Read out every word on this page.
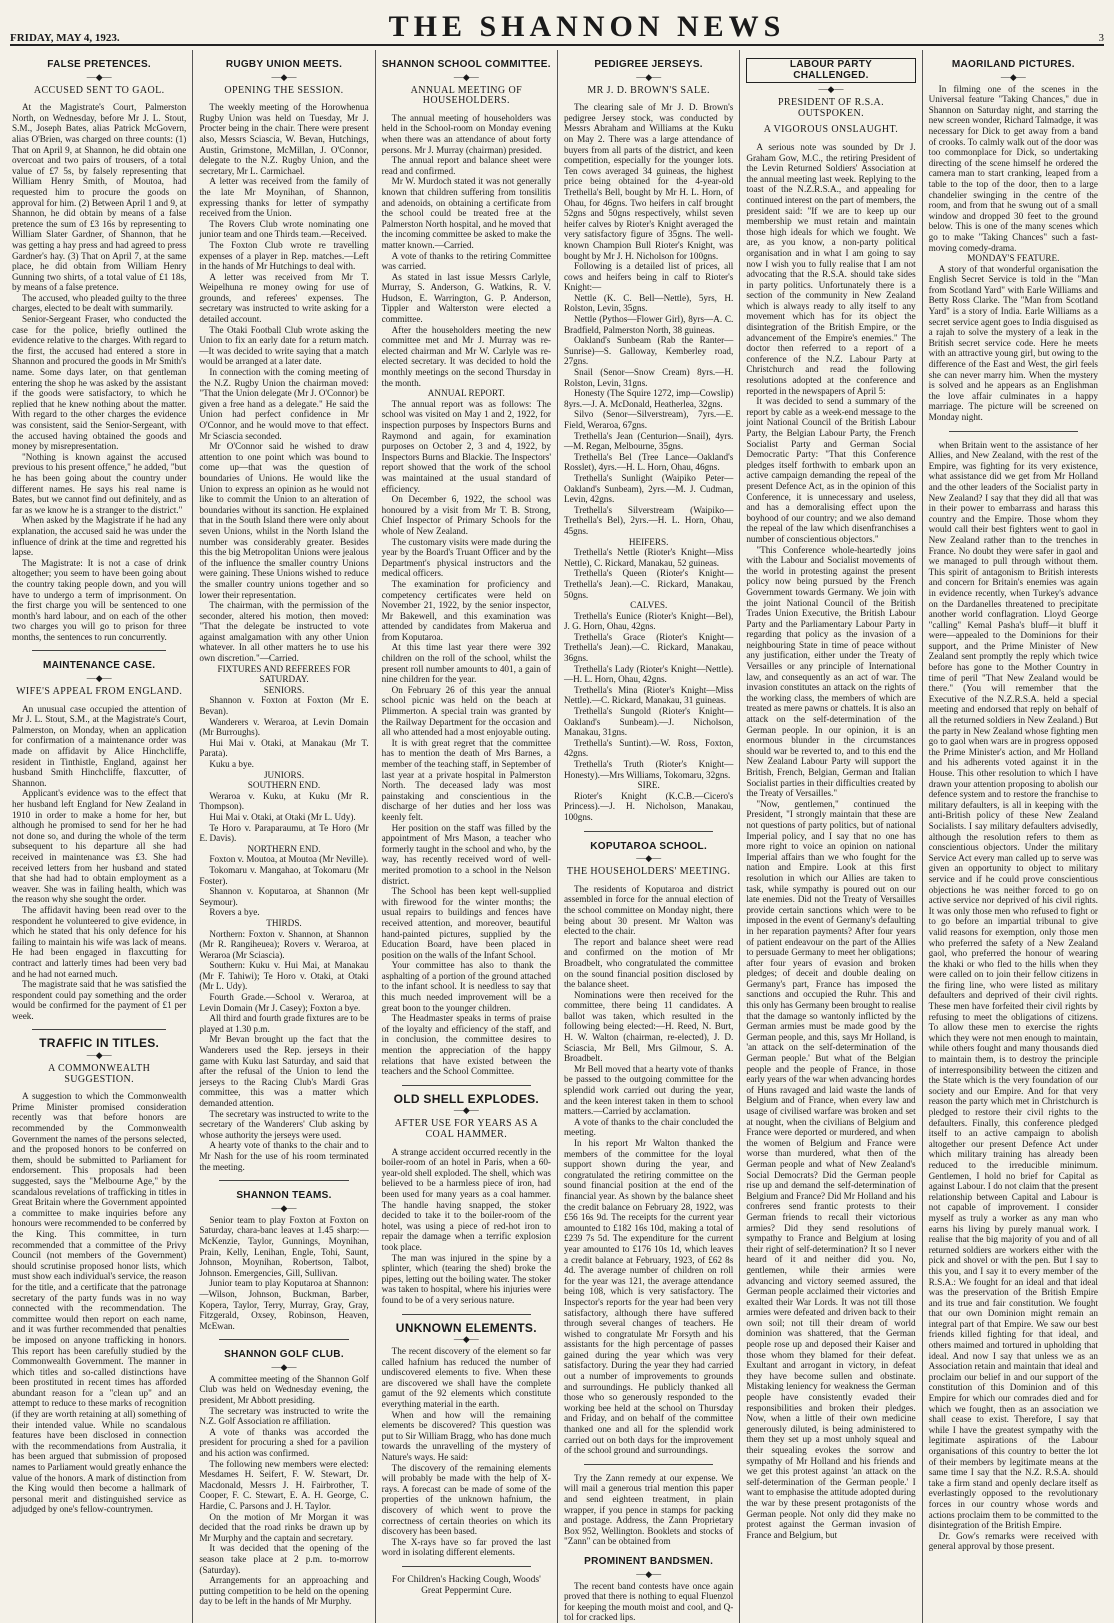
FRIDAY, MAY 4, 1923.	THE SHANNON NEWS	3
FALSE PRETENCES.
—◆—
ACCUSED SENT TO GAOL.

At the Magistrate's Court, Palmerston North, on Wednesday, before Mr J. L. Stout, S.M., Joseph Bates, alias Patrick McGovern, alias O'Brien, was charged on three counts: (1) That on April 9, at Shannon, he did obtain one overcoat and two pairs of trousers, of a total value of £7 5s, by falsely representing that William Henry Smith, of Moutoa, had requested him to procure the goods on approval for him. (2) Between April 1 and 9, at Shannon, he did obtain by means of a false pretence the sum of £3 16s by representing to William Slater Gardner, of Shannon, that he was getting a hay press and had agreed to press Gardner's hay. (3) That on April 7, at the same place, he did obtain from William Henry Gunning two shirts, of a total value of £1 18s, by means of a false pretence.

The accused, who pleaded guilty to the three charges, elected to be dealt with summarily.

Senior-Sergeant Fraser, who conducted the case for the police, briefly outlined the evidence relative to the charges. With regard to the first, the accused had entered a store in Shannon and procured the goods in Mr Smith's name. Some days later, on that gentleman entering the shop he was asked by the assistant if the goods were satisfactory, to which he replied that he knew nothing about the matter. With regard to the other charges the evidence was consistent, said the Senior-Sergeant, with the accused having obtained the goods and money by misrepresentation.

"Nothing is known against the accused previous to his present offence," he added, "but he has been going about the country under different names. He says his real name is Bates, but we cannot find out definitely, and as far as we know he is a stranger to the district."

When asked by the Magistrate if he had any explanation, the accused said he was under the influence of drink at the time and regretted his lapse.

The Magistrate: It is not a case of drink altogether; you seem to have been going about the country taking people down, and you will have to undergo a term of imprisonment. On the first charge you will be sentenced to one month's hard labour, and on each of the other two charges you will go to prison for three months, the sentences to run concurrently.

MAINTENANCE CASE.
—◆—
WIFE'S APPEAL FROM ENGLAND.

An unusual case occupied the attention of Mr J. L. Stout, S.M., at the Magistrate's Court, Palmerston, on Monday, when an application for confirmation of a maintenance order was made on affidavit by Alice Hinchcliffe, resident in Tinthistle, England, against her husband Smith Hinchcliffe, flaxcutter, of Shannon.

Applicant's evidence was to the effect that her husband left England for New Zealand in 1910 in order to make a home for her, but although he promised to send for her he had not done so, and during the whole of the term subsequent to his departure all she had received in maintenance was £3. She had received letters from her husband and stated that she had had to obtain employment as a weaver. She was in failing health, which was the reason why she sought the order.

The affidavit having been read over to the respondent he volunteered to give evidence, in which he stated that his only defence for his failing to maintain his wife was lack of means. He had been engaged in flaxcutting for contract and latterly times had been very bad and he had not earned much.

The magistrate said that he was satisfied the respondent could pay something and the order would be confirmed for the payment of £1 per week.

TRAFFIC IN TITLES.
—◆—
A COMMONWEALTH SUGGESTION.

A suggestion to which the Commonwealth Prime Minister promised consideration recently was that before honors are recommended by the Commonwealth Government the names of the persons selected, and the proposed honors to be conferred on them, should be submitted to Parliament for endorsement. This proposals had been suggested, says the "Melbourne Age," by the scandalous revelations of trafficking in titles in Great Britain where the Government appointed a committee to make inquiries before any honours were recommended to be conferred by the King. This committee, in turn recommended that a committee of the Privy Council (not members of the Government) should scrutinise proposed honor lists, which must show each individual's service, the reason for the title, and a certificate that the patronage secretary of the party funds was in no way connected with the recommendation. The committee would then report on each name, and it was further recommended that penalties be imposed on anyone trafficking in honors. This report has been carefully studied by the Commonwealth Government. The manner in which titles and so-called distinctions have been prostituted in recent times has afforded abundant reason for a "clean up" and an attempt to reduce to these marks of recognition (if they are worth retaining at all) something of their intended value. While no scandalous features have been disclosed in connection with the recommendations from Australia, it has been argued that submission of proposed names to Parliament would greatly enhance the value of the honors. A mark of distinction from the King would then become a hallmark of personal merit and distinguished service as adjudged by one's fellow-countrymen.

RUGBY UNION MEETS.
—◆—
OPENING THE SESSION.

The weekly meeting of the Horowhenua Rugby Union was held on Tuesday, Mr J. Procter being in the chair. There were present also, Messrs Sciascia, W. Bevan, Hutchings, Austin, Grimstone, McMillan, J. O'Connor, delegate to the N.Z. Rugby Union, and the secretary, Mr L. Carmichael.

A letter was received from the family of the late Mr Moynihan, of Shannon, expressing thanks for letter of sympathy received from the Union.

The Rovers Club wrote nominating one junior team and one Thirds team.—Received.

The Foxton Club wrote re travelling expenses of a player in Rep. matches.—Left in the hands of Mr Hutchings to deal with.

A letter was received from Mr T. Weipelhuna re money owing for use of grounds, and referees' expenses. The secretary was instructed to write asking for a detailed account.

The Otaki Football Club wrote asking the Union to fix an early date for a return match.—It was decided to write saying that a match would be arranged at a later date.

In connection with the coming meeting of the N.Z. Rugby Union the chairman moved: "That the Union delegate (Mr J. O'Connor) be given a free hand as a delegate." He said the Union had perfect confidence in Mr O'Connor, and he would move to that effect. Mr Sciascia seconded.

Mr O'Connor said he wished to draw attention to one point which was bound to come up—that was the question of boundaries of Unions. He would like the Union to express an opinion as he would not like to commit the Union to an alteration of boundaries without its sanction. He explained that in the South Island there were only about seven Unions, whilst in the North Island the number was considerably greater. Besides this the big Metropolitan Unions were jealous of the influence the smaller country Unions were gaining. These Unions wished to reduce the smaller country unions together and so lower their representation.

The chairman, with the permission of the seconder, altered his motion, then moved: "That the delegate be instructed to vote against amalgamation with any other Union whatever. In all other matters he to use his own discretion."—Carried.

FIXTURES AND REFEREES FOR SATURDAY.
SENIORS.

Shannon v. Foxton at Foxton (Mr E. Bevan).

Wanderers v. Weraroa, at Levin Domain (Mr Burroughs).

Hui Mai v. Otaki, at Manakau (Mr T. Parata).

Kuku a bye.

JUNIORS.
SOUTHERN END.

Weraroa v. Kuku, at Kuku (Mr R. Thompson).

Hui Mai v. Otaki, at Otaki (Mr L. Udy).

Te Horo v. Paraparaumu, at Te Horo (Mr E. Davis).

NORTHERN END.

Foxton v. Moutoa, at Moutoa (Mr Neville).

Tokomaru v. Mangahao, at Tokomaru (Mr Foster).

Shannon v. Koputaroa, at Shannon (Mr Seymour).

Rovers a bye.

THIRDS.

Northern: Foxton v. Shannon, at Shannon (Mr R. Rangiheuea); Rovers v. Weraroa, at Weraroa (Mr Sciascia).

Southern: Kuku v. Hui Mai, at Manakau (Mr F. Tahiwi); Te Horo v. Otaki, at Otaki (Mr L. Udy).

Fourth Grade.—School v. Weraroa, at Levin Domain (Mr J. Casey); Foxton a bye.

All third and fourth grade fixtures are to be played at 1.30 p.m.

Mr Bevan brought up the fact that the Wanderers used the Rep. jerseys in their game with Kuku last Saturday, and said that after the refusal of the Union to lend the jerseys to the Racing Club's Mardi Gras committee, this was a matter which demanded attention.

The secretary was instructed to write to the secretary of the Wanderers' Club asking by whose authority the jerseys were used.

A hearty vote of thanks to the chair and to Mr Nash for the use of his room terminated the meeting.

SHANNON TEAMS.
—◆—

Senior team to play Foxton at Foxton on Saturday, chara-banc leaves at 1.45 sharp:—McKenzie, Taylor, Gunnings, Moynihan, Prain, Kelly, Lenihan, Engle, Tohi, Saunt, Johnson, Moynihan, Robertson, Talbot, Johnson. Emergencies, Gill, Sullivan.

Junior team to play Koputaroa at Shannon:—Wilson, Johnson, Buckman, Barber, Kopera, Taylor, Terry, Murray, Gray, Gray, Fitzgerald, Oxsey, Robinson, Heaven, McEwan.

SHANNON GOLF CLUB.
—◆—

A committee meeting of the Shannon Golf Club was held on Wednesday evening, the president, Mr Abbott presiding.

The secretary was instructed to write the N.Z. Golf Association re affiliation.

A vote of thanks was accorded the president for procuring a shed for a pavilion and his action was confirmed.

The following new members were elected: Mesdames H. Seifert, F. W. Stewart, Dr. Macdonald, Messrs J. H. Fairbrother, T. Cooper, F. C. Stewart, E. A. H. George, C. Hardie, C. Parsons and J. H. Taylor.

On the motion of Mr Morgan it was decided that the road rinks be drawn up by Mr Murphy and the captain and secretary.

It was decided that the opening of the season take place at 2 p.m. to-morrow (Saturday).

Arrangements for an approaching and putting competition to be held on the opening day to be left in the hands of Mr Murphy.

SHANNON SCHOOL COMMITTEE.
—◆—
ANNUAL MEETING OF HOUSEHOLDERS.

The annual meeting of householders was held in the School-room on Monday evening when there was an attendance of about forty persons. Mr J. Murray (chairman) presided.

The annual report and balance sheet were read and confirmed.

Mr W. Murdoch stated it was not generally known that children suffering from tonsilitis and adenoids, on obtaining a certificate from the school could be treated free at the Palmerston North hospital, and he moved that the incoming committee be asked to make the matter known.—Carried.

A vote of thanks to the retiring Committee was carried.

As stated in last issue Messrs Carlyle, Murray, S. Anderson, G. Watkins, R. V. Hudson, E. Warrington, G. P. Anderson, Tippler and Walterston were elected a committee.

After the householders meeting the new committee met and Mr J. Murray was re-elected chairman and Mr W. Carlyle was re-elected secretary. It was decided to hold the monthly meetings on the second Thursday in the month.

ANNUAL REPORT.

The annual report was as follows: The school was visited on May 1 and 2, 1922, for inspection purposes by Inspectors Burns and Raymond and again, for examination purposes on October 2, 3 and 4, 1922, by Inspectors Burns and Blackie. The Inspectors' report showed that the work of the school was maintained at the usual standard of efficiency.

On December 6, 1922, the school was honoured by a visit from Mr T. B. Strong, Chief Inspector of Primary Schools for the whole of New Zealand.

The customary visits were made during the year by the Board's Truant Officer and by the Department's physical instructors and the medical officers.

The examination for proficiency and competency certificates were held on November 21, 1922, by the senior inspector, Mr Bakewell, and this examination was attended by candidates from Makerua and from Koputaroa.

At this time last year there were 392 children on the roll of the school, whilst the present roll number amounts to 401, a gain of nine children for the year.

On February 26 of this year the annual school picnic was held on the beach at Plimmerton. A special train was granted by the Railway Department for the occasion and all who attended had a most enjoyable outing.

It is with great regret that the committee has to mention the death of Mrs Barnes, a member of the teaching staff, in September of last year at a private hospital in Palmerston North. The deceased lady was most painstaking and conscientious in the discharge of her duties and her loss was keenly felt.

Her position on the staff was filled by the appointment of Mrs Mason, a teacher who formerly taught in the school and who, by the way, has recently received word of well-merited promotion to a school in the Nelson district.

The School has been kept well-supplied with firewood for the winter months; the usual repairs to buildings and fences have received attention, and moreover, beautiful hand-painted pictures, supplied by the Education Board, have been placed in position on the walls of the Infant School.

Your committee has also to thank the asphalting of a portion of the ground attached to the infant school. It is needless to say that this much needed improvement will be a great boon to the younger children.

The Headmaster speaks in terms of praise of the loyalty and efficiency of the staff, and in conclusion, the committee desires to mention the appreciation of the happy relations that have existed between the teachers and the School Committee.

OLD SHELL EXPLODES.
—◆—
AFTER USE FOR YEARS AS A COAL HAMMER.

A strange accident occurred recently in the boiler-room of an hotel in Paris, when a 60-year-old shell exploded. The shell, which was believed to be a harmless piece of iron, had been used for many years as a coal hammer. The handle having snapped, the stoker decided to take it to the boiler-room of the hotel, was using a piece of red-hot iron to repair the damage when a terrific explosion took place.

The man was injured in the spine by a splinter, which (tearing the shed) broke the pipes, letting out the boiling water. The stoker was taken to hospital, where his injuries were found to be of a very serious nature.

UNKNOWN ELEMENTS.
—◆—

The recent discovery of the element so far called hafnium has reduced the number of undiscovered elements to five. When these are discovered we shall have the complete gamut of the 92 elements which constitute everything material in the earth.

When and how will the remaining elements be discovered? This question was put to Sir William Bragg, who has done much towards the unravelling of the mystery of Nature's ways. He said:

The discovery of the remaining elements will probably be made with the help of X-rays. A forecast can be made of some of the properties of the unknown hafnium, the discovery of which went to prove the correctness of certain theories on which its discovery has been based.

The X-rays have so far proved the last word in isolating different elements.

For Children's Hacking Cough, Woods' Great Peppermint Cure.
PEDIGREE JERSEYS.
—◆—
MR J. D. BROWN'S SALE.

The clearing sale of Mr J. D. Brown's pedigree Jersey stock, was conducted by Messrs Abraham and Williams at the Kuku on May 2. There was a large attendance of buyers from all parts of the district, and keen competition, especially for the younger lots. Ten cows averaged 34 guineas, the highest price being obtained for the 4-year-old Trethella's Bell, bought by Mr H. L. Horn, of Ohau, for 46gns. Two heifers in calf brought 52gns and 50gns respectively, whilst seven heifer calves by Rioter's Knight averaged the very satisfactory figure of 35gns. The well-known Champion Bull Rioter's Knight, was bought by Mr J. H. Nicholson for 100gns.

Following is a detailed list of prices, all cows and heifers being in calf to Rioter's Knight:—

Nettle (K. C. Bell—Nettle), 5yrs, H. Rolston, Levin, 35gns.

Nettle (Pythos—Flower Girl), 8yrs—A. C. Bradfield, Palmerston North, 38 guineas.

Oakland's Sunbeam (Rab the Ranter—Sunrise)—S. Galloway, Kemberley road, 27gns.

Snail (Senor—Snow Cream) 8yrs.—H. Rolston, Levin, 31gns.

Honesty (The Squire 1272, imp—Cowslip) 8yrs.—J. A. McDonald, Heatherlea, 32gns.

Silvo (Senor—Silverstream), 7yrs.—E. Field, Weraroa, 67gns.

Trethella's Jean (Centurion—Snail), 4yrs.—M. Regan, Melbourne, 35gns.

Trethella's Bel (Tree Lance—Oakland's Rosslet), 4yrs.—H. L. Horn, Ohau, 46gns.

Trethella's Sunlight (Waipiko Peter—Oakland's Sunbeam), 2yrs.—M. J. Cudman, Levin, 42gns.

Trethella's Silverstream (Waipiko—Trethella's Bel), 2yrs.—H. L. Horn, Ohau, 45gns.

HEIFERS.

Trethella's Nettle (Rioter's Knight—Miss Nettle), C. Rickard, Manakau, 52 guineas.

Trethella's Queen (Rioter's Knight—Trethella's Jean).—C. Rickard, Manakau, 50gns.

CALVES.

Trethella's Eunice (Rioter's Knight—Bel), J. G. Horn, Ohau, 42gns.

Trethella's Grace (Rioter's Knight—Trethella's Jean).—C. Rickard, Manakau, 36gns.

Trethella's Lady (Rioter's Knight—Nettle).—H. L. Horn, Ohau, 42gns.

Trethella's Mina (Rioter's Knight—Miss Nettle).—C. Rickard, Manakau, 31 guineas.

Trethella's Sungold (Rioter's Knight—Oakland's Sunbeam).—J. Nicholson, Manakau, 31gns.

Trethella's Suntint).—W. Ross, Foxton, 42gns.

Trethella's Truth (Rioter's Knight—Honesty).—Mrs Williams, Tokomaru, 32gns.

SIRE.

Rioter's Knight (K.C.B.—Cicero's Princess).—J. H. Nicholson, Manakau, 100gns.

KOPUTAROA SCHOOL.
—◆—
THE HOUSEHOLDERS' MEETING.

The residents of Koputaroa and district assembled in force for the annual election of the school committee on Monday night, there being about 30 present. Mr Walton was elected to the chair.

The report and balance sheet were read and confirmed on the motion of Mr Broadbelt, who congratulated the committee on the sound financial position disclosed by the balance sheet.

Nominations were then received for the committee, there being 11 candidates. A ballot was taken, which resulted in the following being elected:—H. Reed, N. Burt, H. W. Walton (chairman, re-elected), J. D. Sciascia, Mr Bell, Mrs Gilmour, S. A. Broadbelt.

Mr Bell moved that a hearty vote of thanks be passed to the outgoing committee for the splendid work carried out during the year, and the keen interest taken in them to school matters.—Carried by acclamation.

A vote of thanks to the chair concluded the meeting.

In his report Mr Walton thanked the members of the committee for the loyal support shown during the year, and congratulated the retiring committee on the sound financial position at the end of the financial year. As shown by the balance sheet the credit balance on February 28, 1922, was £56 16s 9d. The receipts for the current year amounted to £182 16s 10d, making a total of £239 7s 5d. The expenditure for the current year amounted to £176 10s 1d, which leaves a credit balance at February, 1923, of £62 8s 4d. The average number of children on roll for the year was 121, the average attendance being 108, which is very satisfactory. The Inspector's reports for the year had been very satisfactory, although there have suffered through several changes of teachers. He wished to congratulate Mr Forsyth and his assistants for the high percentage of passes gained during the year which was very satisfactory. During the year they had carried out a number of improvements to grounds and surroundings. He publicly thanked all those who so generously responded to the working bee held at the school on Thursday and Friday, and on behalf of the committee thanked one and all for the splendid work carried out on both days for the improvement of the school ground and surroundings.

Try the Zann remedy at our expense. We will mail a generous trial mention this paper and send eighteen treatment, in plain wrapper, if you pence in stamps for packing and postage. Address, the Zann Proprietary Box 952, Wellington. Booklets and stocks of "Zann" can be obtained from

PROMINENT BANDSMEN.
—◆—

The recent band contests have once again proved that there is nothing to equal Fluenzol for keeping the mouth moist and cool, and Q-tol for cracked lips.

LABOUR PARTY CHALLENGED.
—◆—
PRESIDENT OF R.S.A. OUTSPOKEN.
A VIGOROUS ONSLAUGHT.

A serious note was sounded by Dr J. Graham Gow, M.C., the retiring President of the Levin Returned Soldiers' Association at the annual meeting last week. Replying to the toast of the N.Z.R.S.A., and appealing for continued interest on the part of members, the president said: "If we are to keep up our membership we must retain and maintain those high ideals for which we fought. We are, as you know, a non-party political organisation and in what I am going to say now I wish you to fully realise that I am not advocating that the R.S.A. should take sides in party politics. Unfortunately there is a section of the community in New Zealand which is always ready to ally itself to any movement which has for its object the disintegration of the British Empire, or the advancement of the Empire's enemies." The doctor then referred to a report of a conference of the N.Z. Labour Party at Christchurch and read the following resolutions adopted at the conference and reported in the newspapers of April 5:

It was decided to send a summary of the report by cable as a week-end message to the joint National Council of the British Labour Party, the Belgian Labour Party, the French Socialist Party and German Social Democratic Party: "That this Conference pledges itself forthwith to embark upon an active campaign demanding the repeal of the present Defence Act, as in the opinion of this Conference, it is unnecessary and useless, and has a demoralising effect upon the boyhood of our country; and we also demand the repeal of the law which disenfranchises a number of conscientious objectors."

"This Conference whole-heartedly joins with the Labour and Socialist movements of the world in protesting against the present policy now being pursued by the French Government towards Germany. We join with the joint National Council of the British Trades Union Executive, the British Labour Party and the Parliamentary Labour Party in regarding that policy as the invasion of a neighbouring State in time of peace without any justification, either under the Treaty of Versailles or any principle of International law, and consequently as an act of war. The invasion constitutes an attack on the rights of the working class, the members of which are treated as mere pawns or chattels. It is also an attack on the self-determination of the German people. In our opinion, it is an enormous blunder in the circumstances should war be reverted to, and to this end the New Zealand Labour Party will support the British, French, Belgian, German and Italian Socialist parties in their difficulties created by the Treaty of Versailles."

"Now, gentlemen," continued the President, "I strongly maintain that these are not questions of party politics, but of national Imperial policy, and I say that no one has more right to voice an opinion on national Imperial affairs than we who fought for the nation and Empire. Look at this first resolution in which our Allies are taken to task, while sympathy is poured out on our late enemies. Did not the Treaty of Versailles provide certain sanctions which were to be imposed in the event of Germany's defaulting in her reparation payments? After four years of patient endeavour on the part of the Allies to persuade Germany to meet her obligations; after four years of evasion and broken pledges; of deceit and double dealing on Germany's part, France has imposed the sanctions and occupied the Ruhr. This and this only has Germany been brought to realise that the damage so wantonly inflicted by the German armies must be made good by the German people, and this, says Mr Holland, is 'an attack on the self-determination of the German people.' But what of the Belgian people and the people of France, in those early years of the war when advancing hordes of Huns ravaged and laid waste the lands of Belgium and of France, when every law and usage of civilised warfare was broken and set at nought, when the civilians of Belgium and France were deported or murdered, and when the women of Belgium and France were worse than murdered, what then of the German people and what of New Zealand's Social Democrats? Did the German people rise up and demand the self-determination of Belgium and France? Did Mr Holland and his confreres send frantic protests to their German friends to recall their victorious armies? Did they send resolutions of sympathy to France and Belgium at losing their right of self-determination? It so I never heard of it and neither did you. No, gentlemen, while their armies were advancing and victory seemed assured, the German people acclaimed their victories and exalted their War Lords. It was not till those armies were defeated and driven back to their own soil; not till their dream of world dominion was shattered, that the German people rose up and deposed their Kaiser and those whom they blamed for their defeat. Exultant and arrogant in victory, in defeat they have become sullen and obstinate. Mistaking leniency for weakness the German people have consistently evaded their responsibilities and broken their pledges. Now, when a little of their own medicine generously diluted, is being administered to them they set up a most unholy squeal and their squealing evokes the sorrow and sympathy of Mr Holland and his friends and we get this protest against 'an attack on the self-determination of the German people.' I want to emphasise the attitude adopted during the war by these present protagonists of the German people. Not only did they make no protest against the German invasion of France and Belgium, but

MAORILAND PICTURES.
—◆—

In filming one of the scenes in the Universal feature "Taking Chances," due in Shannon on Saturday night, and starring the new screen wonder, Richard Talmadge, it was necessary for Dick to get away from a band of crooks. To calmly walk out of the door was too commonplace for Dick, so undertaking directing of the scene himself he ordered the camera man to start cranking, leaped from a table to the top of the door, then to a large chandelier swinging in the centre of the room, and from that he swung out of a small window and dropped 30 feet to the ground below. This is one of the many scenes which go to make "Taking Chances" such a fast-moving comedy-drama.

MONDAY'S FEATURE.

A story of that wonderful organisation the English Secret Service is told in the "Man from Scotland Yard" with Earle Williams and Betty Ross Clarke. The "Man from Scotland Yard" is a story of India. Earle Williams as a secret service agent goes to India disguised as a rajah to solve the mystery of a leak in the British secret service code. Here he meets with an attractive young girl, but owing to the difference of the East and West, the girl feels she can never marry him. When the mystery is solved and he appears as an Englishman the love affair culminates in a happy marriage. The picture will be screened on Monday night.

when Britain went to the assistance of her Allies, and New Zealand, with the rest of the Empire, was fighting for its very existence, what assistance did we get from Mr Holland and the other leaders of the Socialist party in New Zealand? I say that they did all that was in their power to embarrass and harass this country and the Empire. Those whom they would call their best fighters went to gaol in New Zealand rather than to the trenches in France. No doubt they were safer in gaol and we managed to pull through without them. This spirit of antagonism to British interests and concern for Britain's enemies was again in evidence recently, when Turkey's advance on the Dardanelles threatened to precipitate another world conflagration. Lloyd George "calling" Kemal Pasha's bluff—it bluff it were—appealed to the Dominions for their support, and the Prime Minister of New Zealand sent promptly the reply which twice before has gone to the Mother Country in time of peril "That New Zealand would be there." (You will remember that the Executive of the N.Z.R.S.A. held a special meeting and endorsed that reply on behalf of all the returned soldiers in New Zealand.) But the party in New Zealand whose fighting men go to gaol when wars are in progress opposed the Prime Minister's action, and Mr Holland and his adherents voted against it in the House. This other resolution to which I have drawn your attention proposing to abolish our defence system and to restore the franchise to military defaulters, is all in keeping with the anti-British policy of these New Zealand Socialists. I say military defaulters advisedly, although the resolution refers to them as conscientious objectors. Under the military Service Act every man called up to serve was given an opportunity to object to military service and if he could prove conscientious objections he was neither forced to go on active service nor deprived of his civil rights. It was only those men who refused to fight or to go before an impartial tribunal to give valid reasons for exemption, only those men who preferred the safety of a New Zealand gaol, who preferred the honour of wearing the khaki or who fled to the hills when they were called on to join their fellow citizens in the firing line, who were listed as military defaulters and deprived of their civil rights. These men have forfeited their civil rights by refusing to meet the obligations of citizens. To allow these men to exercise the rights which they were not men enough to maintain, while others fought and many thousands died to maintain them, is to destroy the principle of interresponsibility between the citizen and the State which is the very foundation of our society and our Empire. And for that very reason the party which met in Christchurch is pledged to restore their civil rights to the defaulters. Finally, this conference pledged itself to an active campaign to abolish altogether our present Defence Act under which military training has already been reduced to the irreducible minimum. Gentlemen, I hold no brief for Capital as against Labour. I do not claim that the present relationship between Capital and Labour is not capable of improvement. I consider myself as truly a worker as any man who earns his living by purely manual work. I realise that the big majority of you and of all returned soldiers are workers either with the pick and shovel or with the pen. But I say to this you, and I say it to every member of the R.S.A.: We fought for an ideal and that ideal was the preservation of the British Empire and its true and fair constitution. We fought that our own Dominion might remain an integral part of that Empire. We saw our best friends killed fighting for that ideal, and others maimed and tortured in upholding that ideal. And now I say that unless we as an Association retain and maintain that ideal and proclaim our belief in and our support of the constitution of this Dominion and of this Empire for which our comrades died and for which we fought, then as an association we shall cease to exist. Therefore, I say that while I have the greatest sympathy with the legitimate aspirations of the Labour organisations of this country to better the lot of their members by legitimate means at the same time I say that the N.Z. R.S.A. should take a firm stand and openly declare itself as everlastingly opposed to the revolutionary forces in our country whose words and actions proclaim them to be committed to the disintegration of the British Empire.

Dr. Gow's remarks were received with general approval by those present.
